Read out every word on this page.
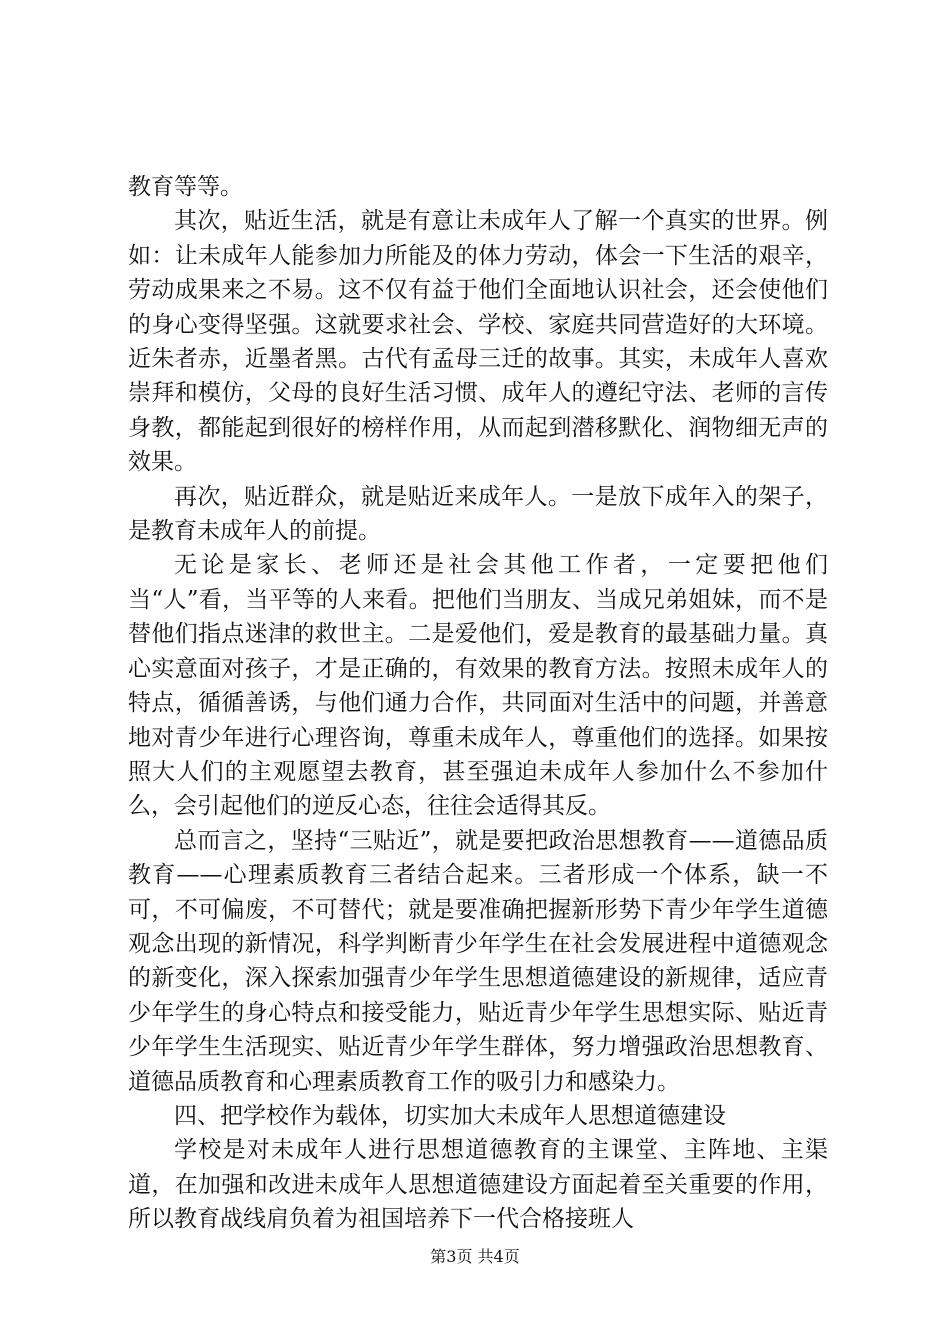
教育等等。

其次，贴近生活，就是有意让未成年人了解一个真实的世界。例如：让未成年人能参加力所能及的体力劳动，体会一下生活的艰辛，劳动成果来之不易。这不仅有益于他们全面地认识社会，还会使他们的身心变得坚强。这就要求社会、学校、家庭共同营造好的大环境。近朱者赤，近墨者黑。古代有孟母三迁的故事。其实，未成年人喜欢崇拜和模仿，父母的良好生活习惯、成年人的遵纪守法、老师的言传身教，都能起到很好的榜样作用，从而起到潜移默化、润物细无声的效果。

再次，贴近群众，就是贴近来成年人。一是放下成年入的架子，是教育未成年人的前提。

无论是家长、老师还是社会其他工作者，一定要把他们当“人”看，当平等的人来看。把他们当朋友、当成兄弟姐妹，而不是替他们指点迷津的救世主。二是爱他们，爱是教育的最基础力量。真心实意面对孩子，才是正确的，有效果的教育方法。按照未成年人的特点，循循善诱，与他们通力合作，共同面对生活中的问题，并善意地对青少年进行心理咨询，尊重未成年人，尊重他们的选择。如果按照大人们的主观愿望去教育，甚至强迫未成年人参加什么不参加什么，会引起他们的逆反心态，往往会适得其反。

总而言之，坚持“三贴近”，就是要把政治思想教育——道德品质教育——心理素质教育三者结合起来。三者形成一个体系，缺一不可，不可偏废，不可替代；就是要准确把握新形势下青少年学生道德观念出现的新情况，科学判断青少年学生在社会发展进程中道德观念的新变化，深入探索加强青少年学生思想道德建设的新规律，适应青少年学生的身心特点和接受能力，贴近青少年学生思想实际、贴近青少年学生生活现实、贴近青少年学生群体，努力增强政治思想教育、道德品质教育和心理素质教育工作的吸引力和感染力。

四、把学校作为载体，切实加大未成年人思想道德建设

学校是对未成年人进行思想道德教育的主课堂、主阵地、主渠道，在加强和改进未成年人思想道德建设方面起着至关重要的作用，所以教育战线肩负着为祖国培养下一代合格接班人

第3页 共4页
